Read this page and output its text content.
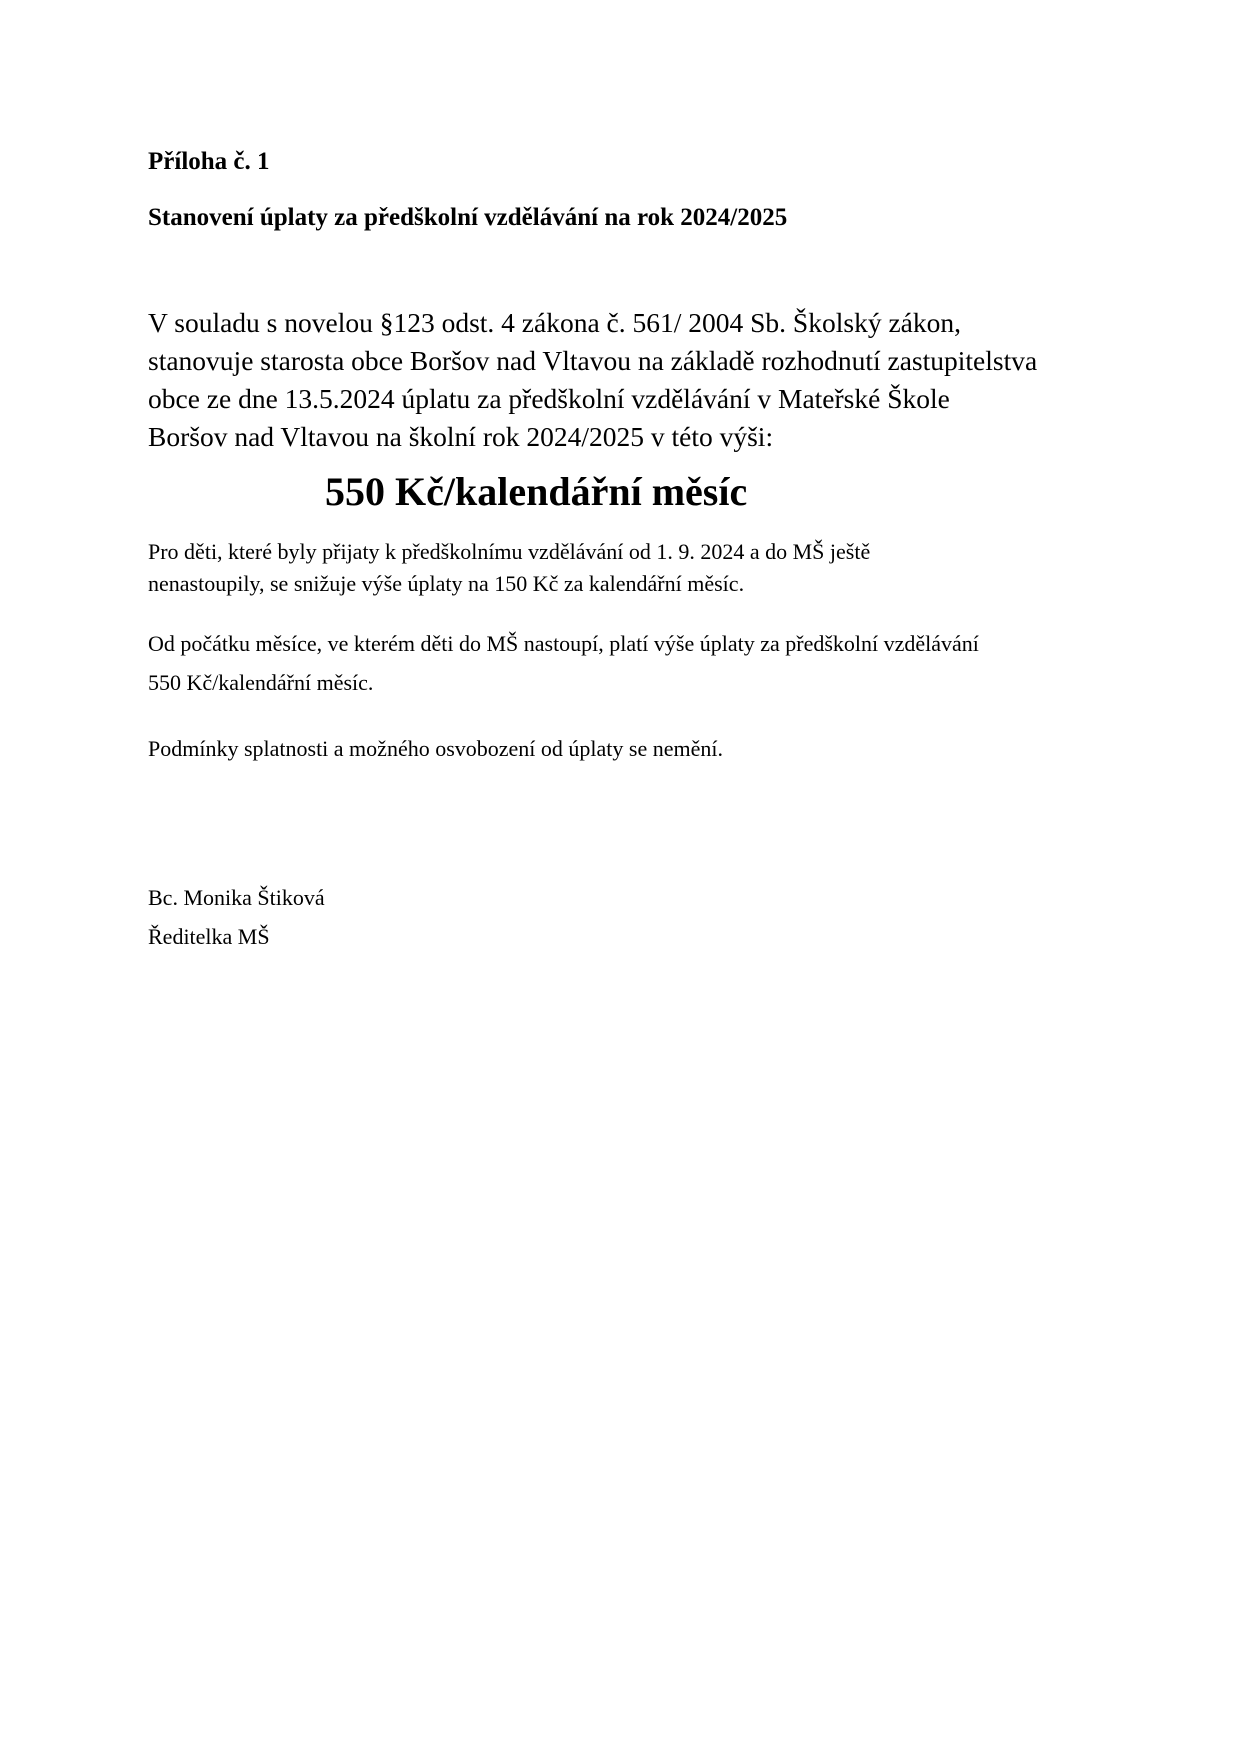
Příloha č. 1
Stanovení úplaty za předškolní vzdělávání na rok 2024/2025
V souladu s novelou §123 odst. 4 zákona č. 561/ 2004 Sb. Školský zákon,
stanovuje starosta obce Boršov nad Vltavou na základě rozhodnutí zastupitelstva
obce ze dne 13.5.2024 úplatu za předškolní vzdělávání v Mateřské Škole
Boršov nad Vltavou na školní rok 2024/2025 v této výši:
550 Kč/kalendářní měsíc
Pro děti, které byly přijaty k předškolnímu vzdělávání od 1. 9. 2024 a do MŠ ještě
nenastoupily, se snižuje výše úplaty na 150 Kč za kalendářní měsíc.
Od počátku měsíce, ve kterém děti do MŠ nastoupí, platí výše úplaty za předškolní vzdělávání
550 Kč/kalendářní měsíc.
Podmínky splatnosti a možného osvobození od úplaty se nemění.
Bc. Monika Štiková
Ředitelka MŠ
